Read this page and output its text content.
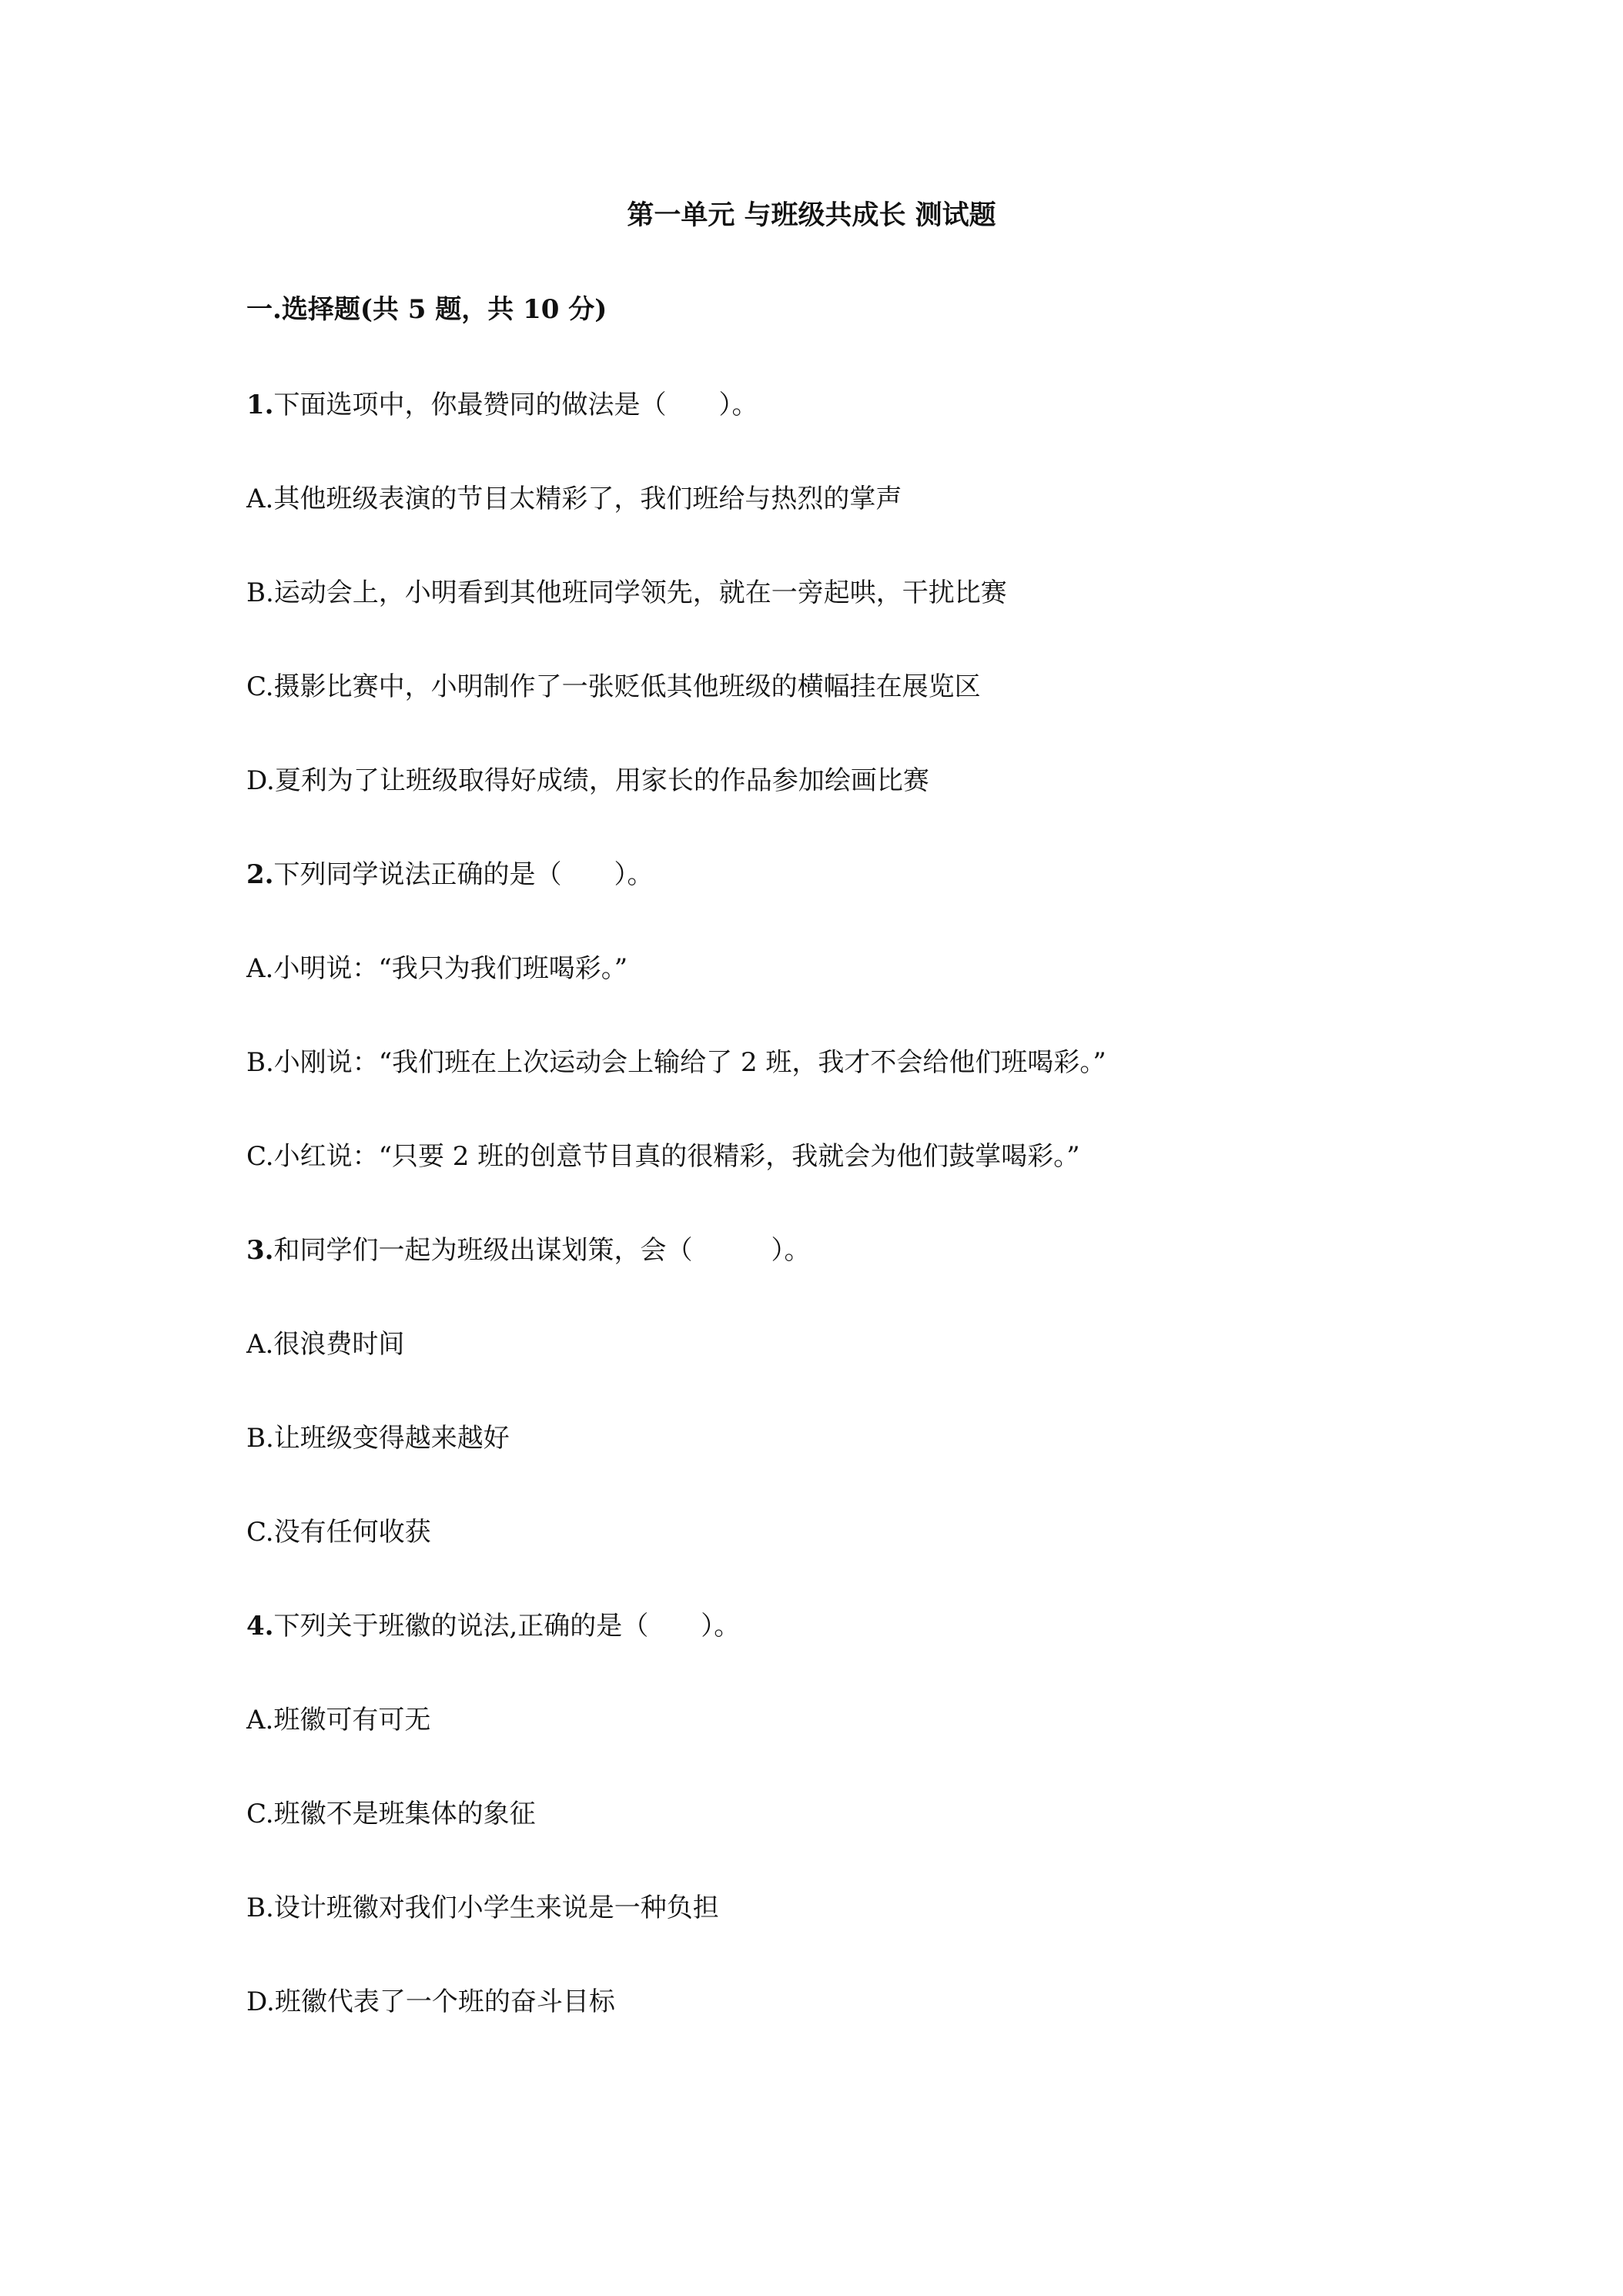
第一单元 与班级共成长 测试题
一.选择题(共 5 题，共 10 分)
1.下面选项中，你最赞同的做法是（　　）。
A.其他班级表演的节目太精彩了，我们班给与热烈的掌声
B.运动会上，小明看到其他班同学领先，就在一旁起哄，干扰比赛
C.摄影比赛中，小明制作了一张贬低其他班级的横幅挂在展览区
D.夏利为了让班级取得好成绩，用家长的作品参加绘画比赛
2.下列同学说法正确的是（　　）。
A.小明说：“我只为我们班喝彩。”
B.小刚说：“我们班在上次运动会上输给了 2 班，我才不会给他们班喝彩。”
C.小红说：“只要 2 班的创意节目真的很精彩，我就会为他们鼓掌喝彩。”
3.和同学们一起为班级出谋划策，会（　　　）。
A.很浪费时间
B.让班级变得越来越好
C.没有任何收获
4.下列关于班徽的说法,正确的是（　　）。
A.班徽可有可无
C.班徽不是班集体的象征
B.设计班徽对我们小学生来说是一种负担
D.班徽代表了一个班的奋斗目标
